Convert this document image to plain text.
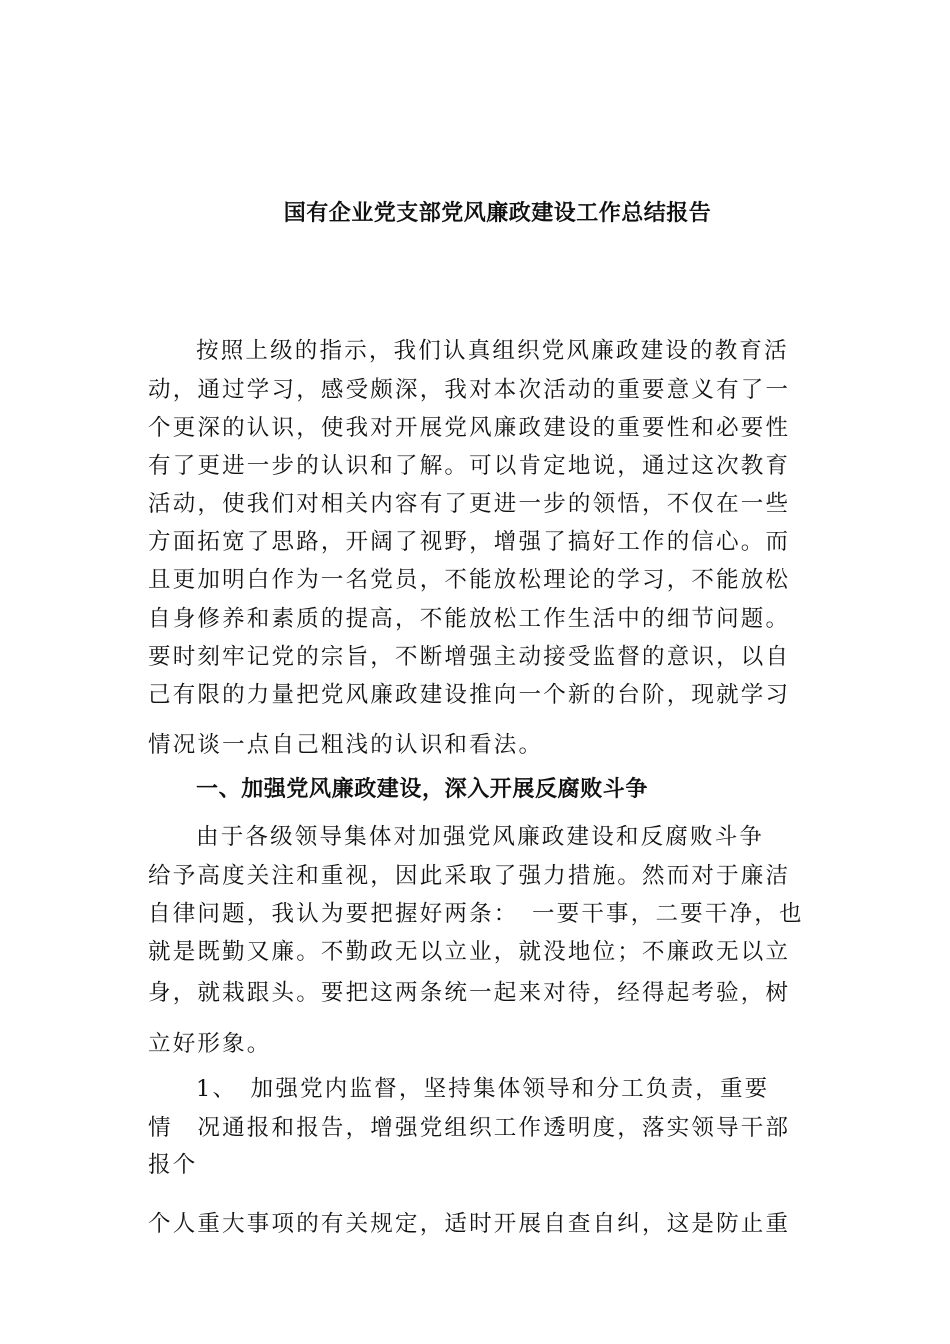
国有企业党支部党风廉政建设工作总结报告
按照上级的指示，我们认真组织党风廉政建设的教育活
动，通过学习，感受颇深，我对本次活动的重要意义有了一
个更深的认识，使我对开展党风廉政建设的重要性和必要性
有了更进一步的认识和了解。可以肯定地说，通过这次教育
活动，使我们对相关内容有了更进一步的领悟，不仅在一些
方面拓宽了思路，开阔了视野，增强了搞好工作的信心。而
且更加明白作为一名党员，不能放松理论的学习，不能放松
自身修养和素质的提高，不能放松工作生活中的细节问题。
要时刻牢记党的宗旨，不断增强主动接受监督的意识，以自
己有限的力量把党风廉政建设推向一个新的台阶，现就学习
情况谈一点自己粗浅的认识和看法。
一、加强党风廉政建设，深入开展反腐败斗争
由于各级领导集体对加强党风廉政建设和反腐败斗争
给予高度关注和重视，因此采取了强力措施。然而对于廉洁
自律问题，我认为要把握好两条：　一要干事，二要干净，也
就是既勤又廉。不勤政无以立业，就没地位；不廉政无以立
身，就栽跟头。要把这两条统一起来对待，经得起考验，树
立好形象。
1、　加强党内监督，坚持集体领导和分工负责，重要
情　况通报和报告，增强党组织工作透明度，落实领导干部
报个
个人重大事项的有关规定，适时开展自查自纠，这是防止重
